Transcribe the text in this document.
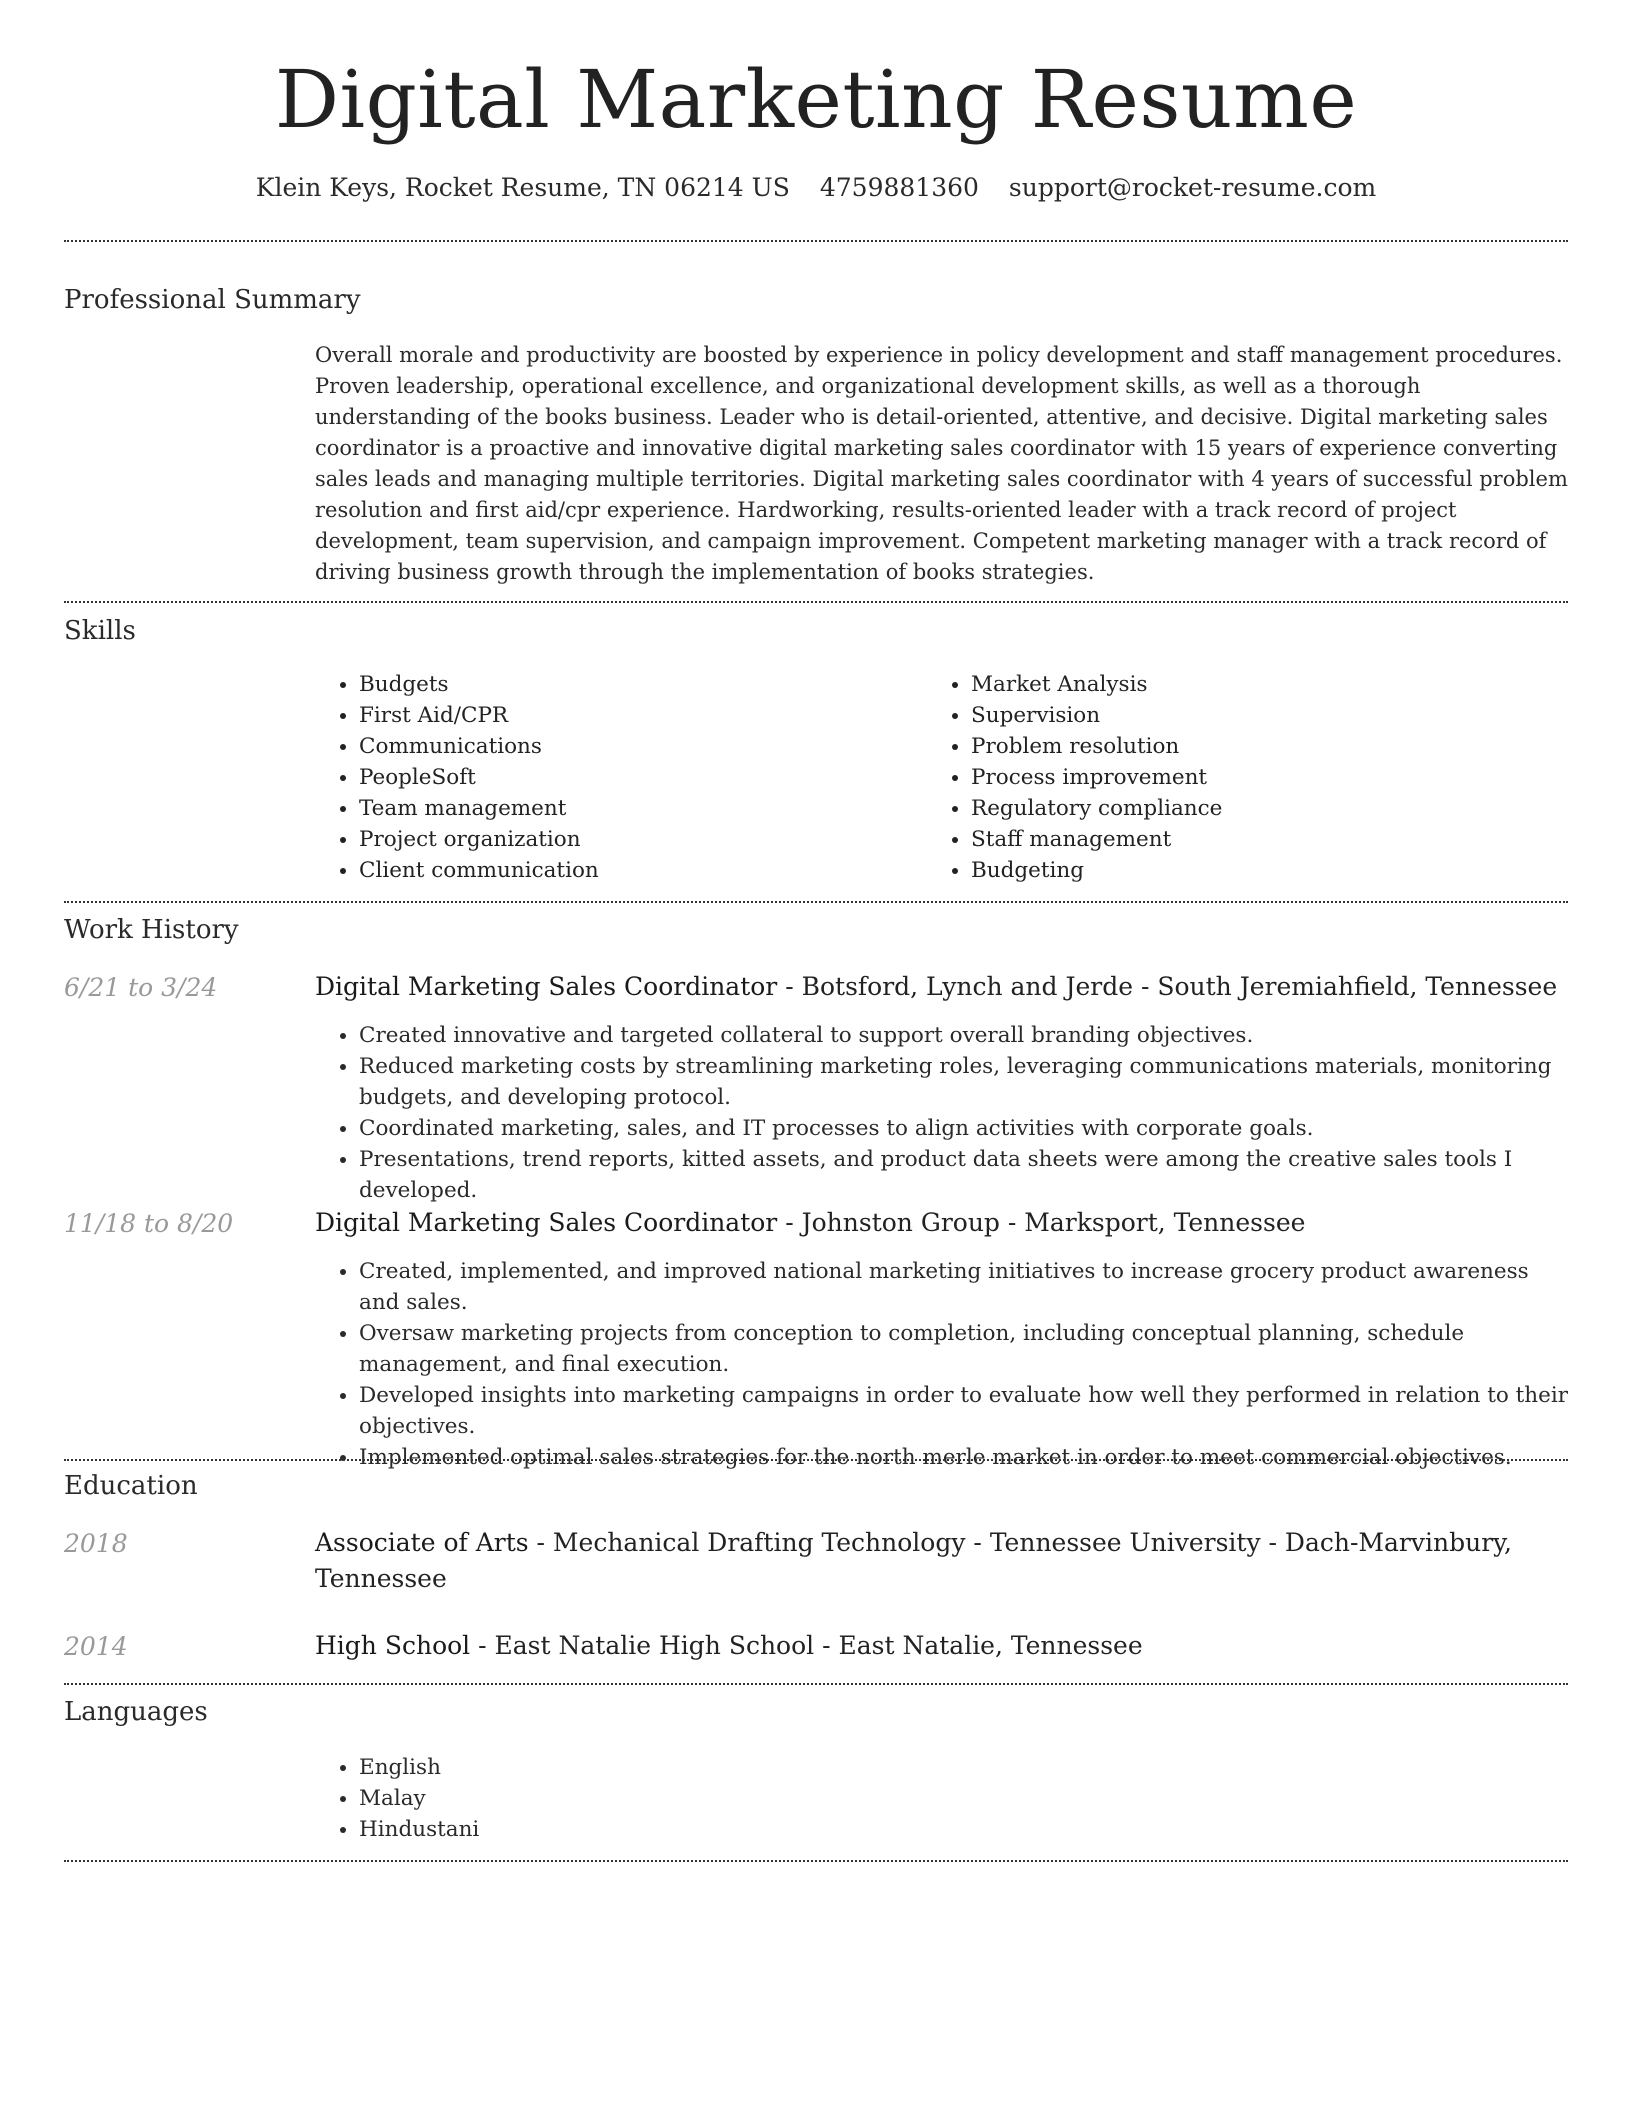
Digital Marketing Resume
Klein Keys, Rocket Resume, TN 06214 US 4759881360 support@rocket-resume.com
Professional Summary
Overall morale and productivity are boosted by experience in policy development and staff management procedures. Proven leadership, operational excellence, and organizational development skills, as well as a thorough understanding of the books business. Leader who is detail-oriented, attentive, and decisive. Digital marketing sales coordinator is a proactive and innovative digital marketing sales coordinator with 15 years of experience converting sales leads and managing multiple territories. Digital marketing sales coordinator with 4 years of successful problem resolution and first aid/cpr experience. Hardworking, results-oriented leader with a track record of project development, team supervision, and campaign improvement. Competent marketing manager with a track record of driving business growth through the implementation of books strategies.
Skills
• Budgets
• First Aid/CPR
• Communications
• PeopleSoft
• Team management
• Project organization
• Client communication
• Market Analysis
• Supervision
• Problem resolution
• Process improvement
• Regulatory compliance
• Staff management
• Budgeting
Work History
6/21 to 3/24	Digital Marketing Sales Coordinator - Botsford, Lynch and Jerde - South Jeremiahfield, Tennessee
• Created innovative and targeted collateral to support overall branding objectives.
• Reduced marketing costs by streamlining marketing roles, leveraging communications materials, monitoring budgets, and developing protocol.
• Coordinated marketing, sales, and IT processes to align activities with corporate goals.
• Presentations, trend reports, kitted assets, and product data sheets were among the creative sales tools I developed.
11/18 to 8/20	Digital Marketing Sales Coordinator - Johnston Group - Marksport, Tennessee
• Created, implemented, and improved national marketing initiatives to increase grocery product awareness and sales.
• Oversaw marketing projects from conception to completion, including conceptual planning, schedule management, and final execution.
• Developed insights into marketing campaigns in order to evaluate how well they performed in relation to their objectives.
• Implemented optimal sales strategies for the north merle market in order to meet commercial objectives.
Education
2018	Associate of Arts - Mechanical Drafting Technology - Tennessee University - Dach-Marvinbury, Tennessee
2014	High School - East Natalie High School - East Natalie, Tennessee
Languages
• English
• Malay
• Hindustani
